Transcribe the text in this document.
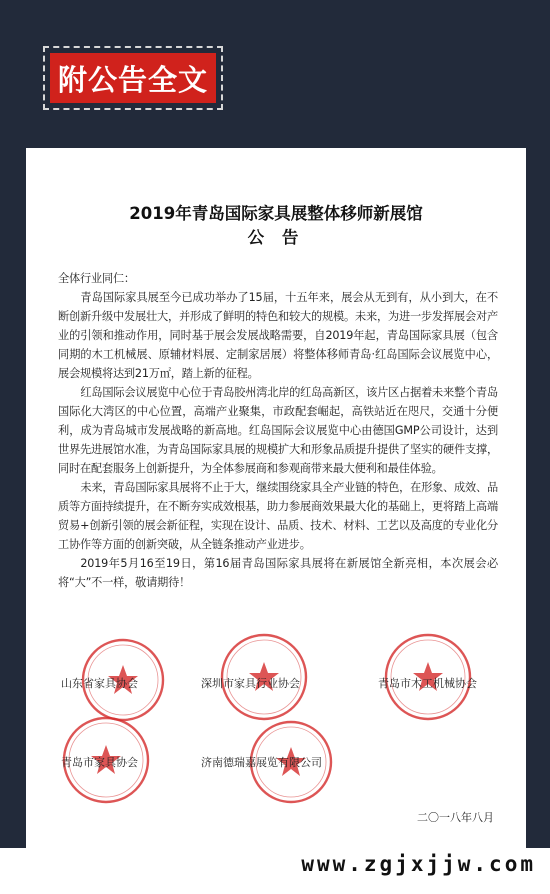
附公告全文
2019年青岛国际家具展整体移师新展馆
公 告

全体行业同仁：

青岛国际家具展至今已成功举办了15届，十五年来，展会从无到有，从小到大，在不断创新升级中发展壮大，并形成了鲜明的特色和较大的规模。未来，为进一步发挥展会对产业的引领和推动作用，同时基于展会发展战略需要，自2019年起，青岛国际家具展（包含同期的木工机械展、原辅材料展、定制家居展）将整体移师青岛·红岛国际会议展览中心，展会规模将达到21万㎡，踏上新的征程。

红岛国际会议展览中心位于青岛胶州湾北岸的红岛高新区，该片区占据着未来整个青岛国际化大湾区的中心位置，高端产业聚集，市政配套崛起，高铁站近在咫尺，交通十分便利，成为青岛城市发展战略的新高地。红岛国际会议展览中心由德国GMP公司设计，达到世界先进展馆水准，为青岛国际家具展的规模扩大和形象品质提升提供了坚实的硬件支撑，同时在配套服务上创新提升，为全体参展商和参观商带来最大便利和最佳体验。

未来，青岛国际家具展将不止于大，继续围绕家具全产业链的特色，在形象、成效、品质等方面持续提升，在不断夯实成效根基，助力参展商效果最大化的基础上，更将踏上高端贸易+创新引领的展会新征程，实现在设计、品质、技术、材料、工艺以及高度的专业化分工协作等方面的创新突破，从全链条推动产业进步。

2019年5月16至19日，第16届青岛国际家具展将在新展馆全新亮相，本次展会必将“大”不一样，敬请期待！

山东省家具协会	深圳市家具行业协会	青岛市木工机械协会
青岛市家具协会	济南德瑞嘉展览有限公司
二〇一八年八月
www.zgjxjjw.com
